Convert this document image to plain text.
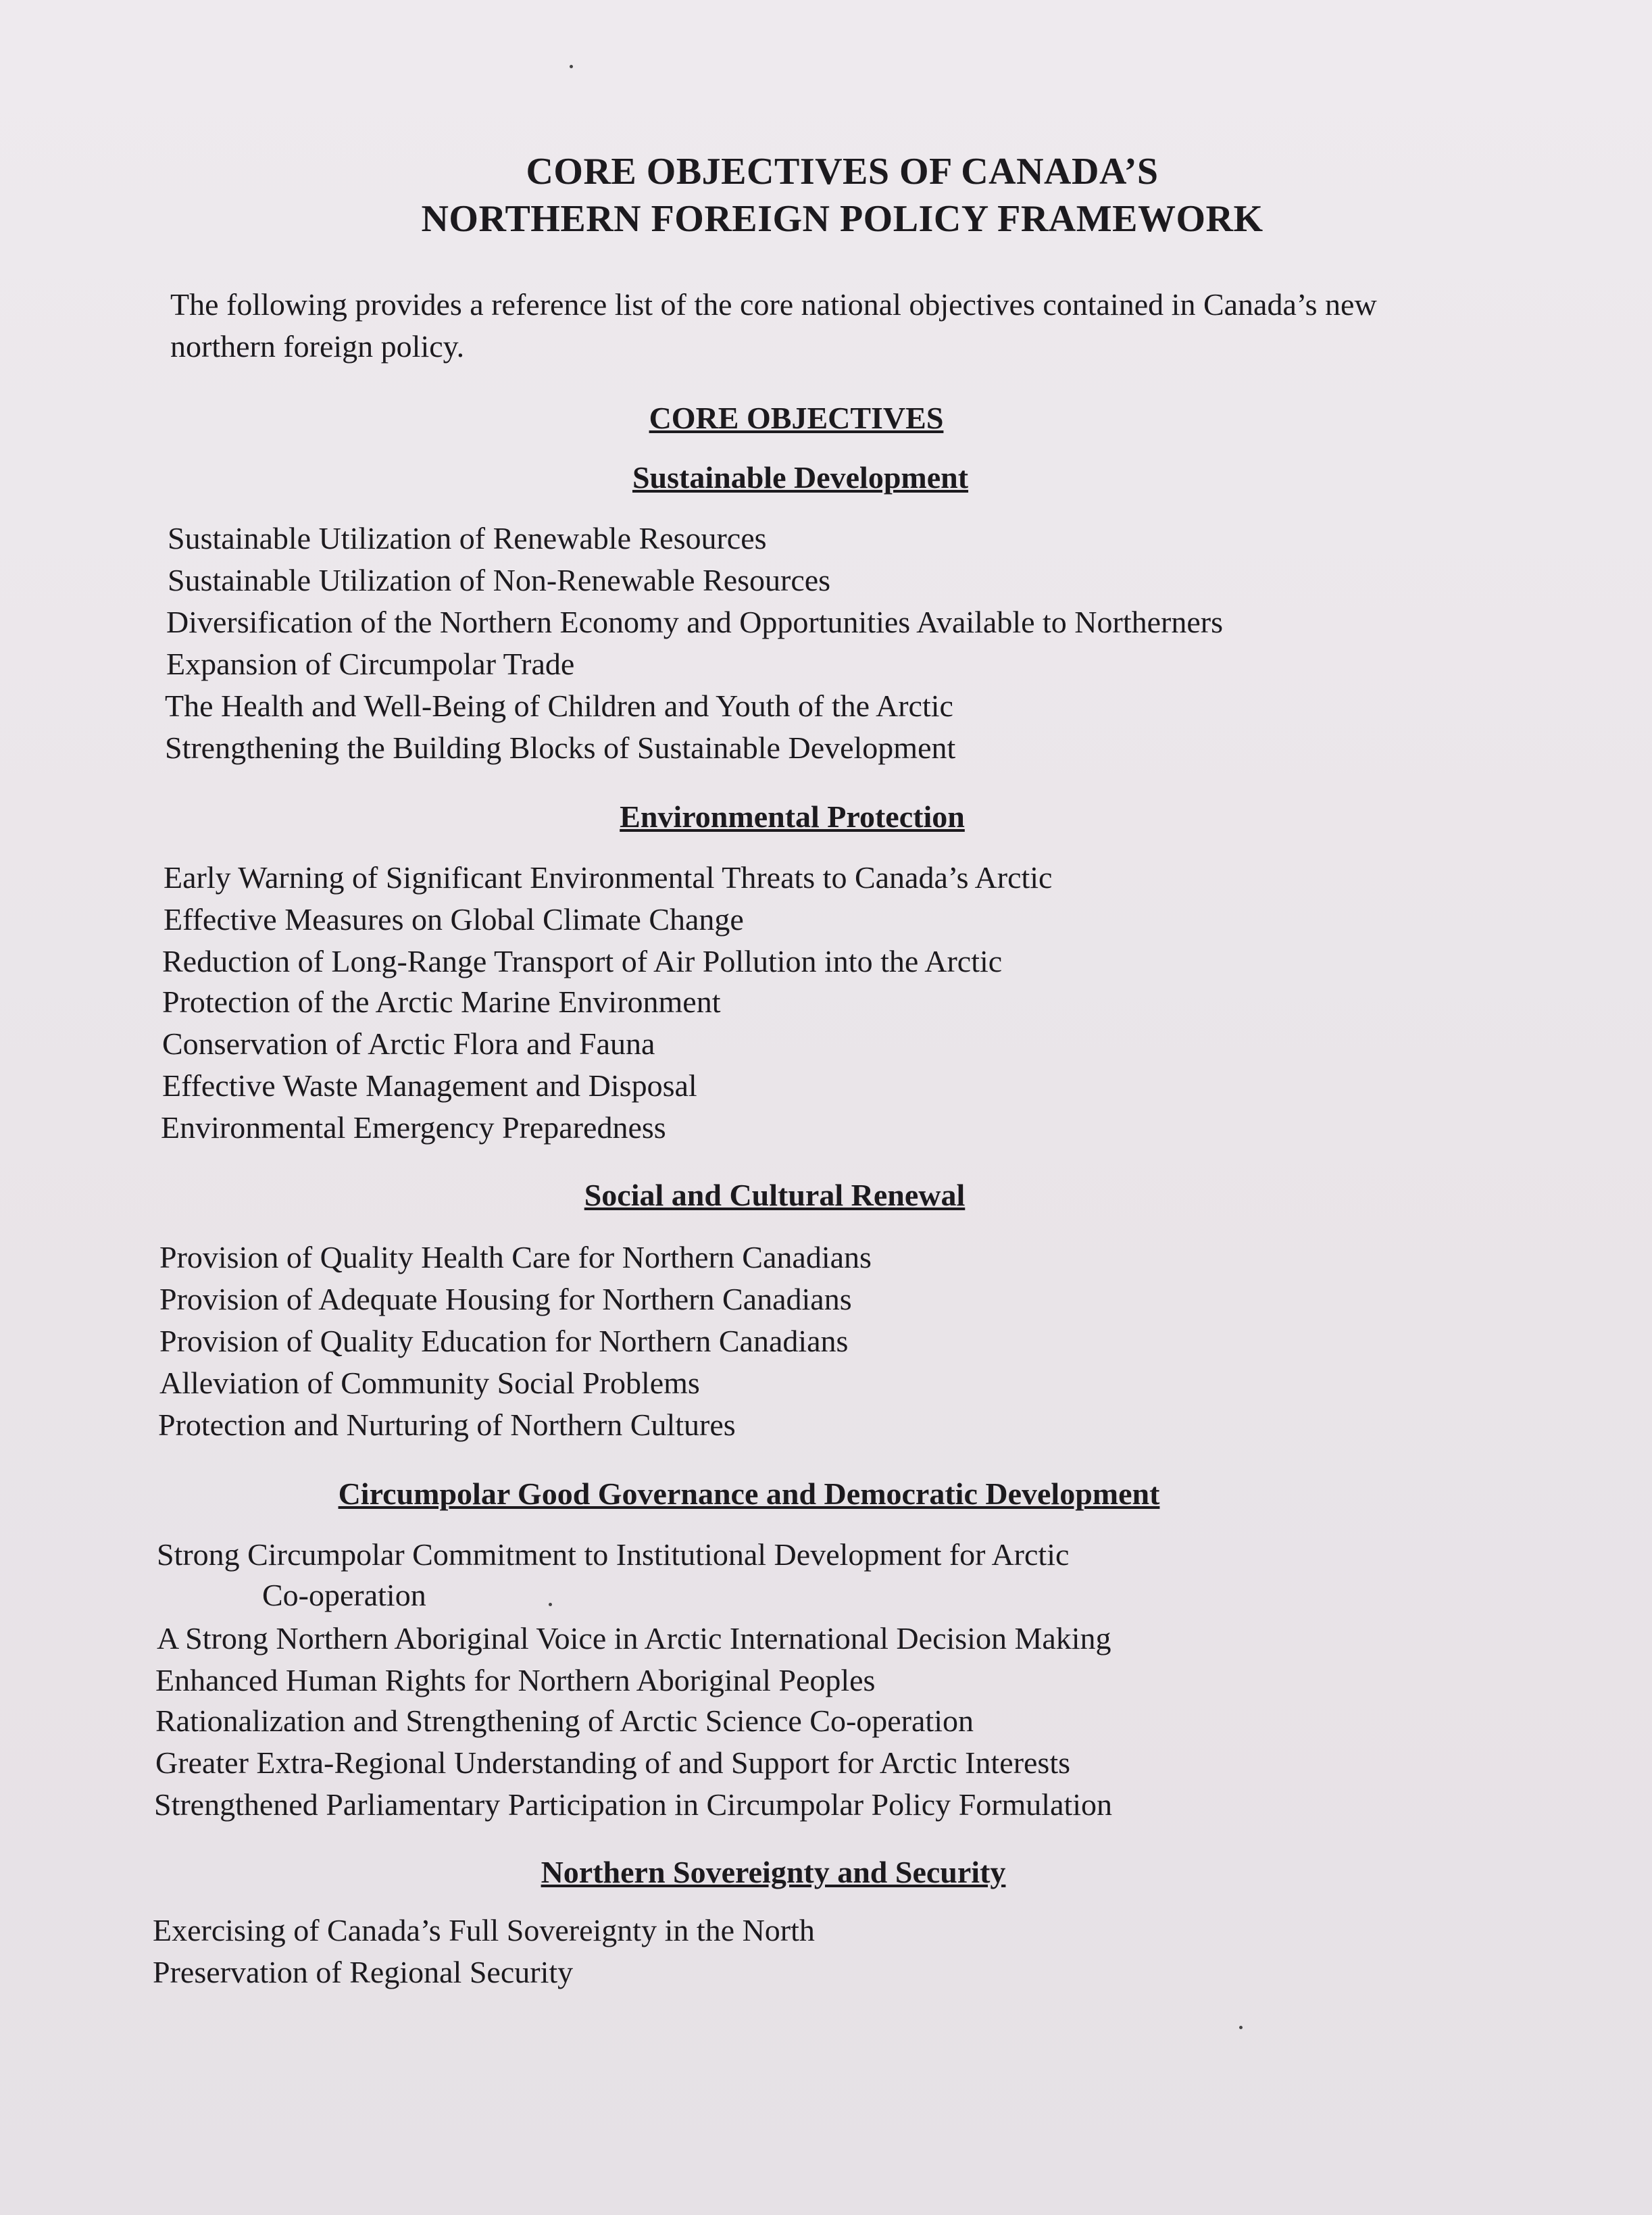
CORE OBJECTIVES OF CANADA’S
NORTHERN FOREIGN POLICY FRAMEWORK
The following provides a reference list of the core national objectives contained in Canada’s new
northern foreign policy.
CORE OBJECTIVES
Sustainable Development
Sustainable Utilization of Renewable Resources
Sustainable Utilization of Non-Renewable Resources
Diversification of the Northern Economy and Opportunities Available to Northerners
Expansion of Circumpolar Trade
The Health and Well-Being of Children and Youth of the Arctic
Strengthening the Building Blocks of Sustainable Development
Environmental Protection
Early Warning of Significant Environmental Threats to Canada’s Arctic
Effective Measures on Global Climate Change
Reduction of Long-Range Transport of Air Pollution into the Arctic
Protection of the Arctic Marine Environment
Conservation of Arctic Flora and Fauna
Effective Waste Management and Disposal
Environmental Emergency Preparedness
Social and Cultural Renewal
Provision of Quality Health Care for Northern Canadians
Provision of Adequate Housing for Northern Canadians
Provision of Quality Education for Northern Canadians
Alleviation of Community Social Problems
Protection and Nurturing of Northern Cultures
Circumpolar Good Governance and Democratic Development
Strong Circumpolar Commitment to Institutional Development for Arctic
Co-operation
A Strong Northern Aboriginal Voice in Arctic International Decision Making
Enhanced Human Rights for Northern Aboriginal Peoples
Rationalization and Strengthening of Arctic Science Co-operation
Greater Extra-Regional Understanding of and Support for Arctic Interests
Strengthened Parliamentary Participation in Circumpolar Policy Formulation
Northern Sovereignty and Security
Exercising of Canada’s Full Sovereignty in the North
Preservation of Regional Security
